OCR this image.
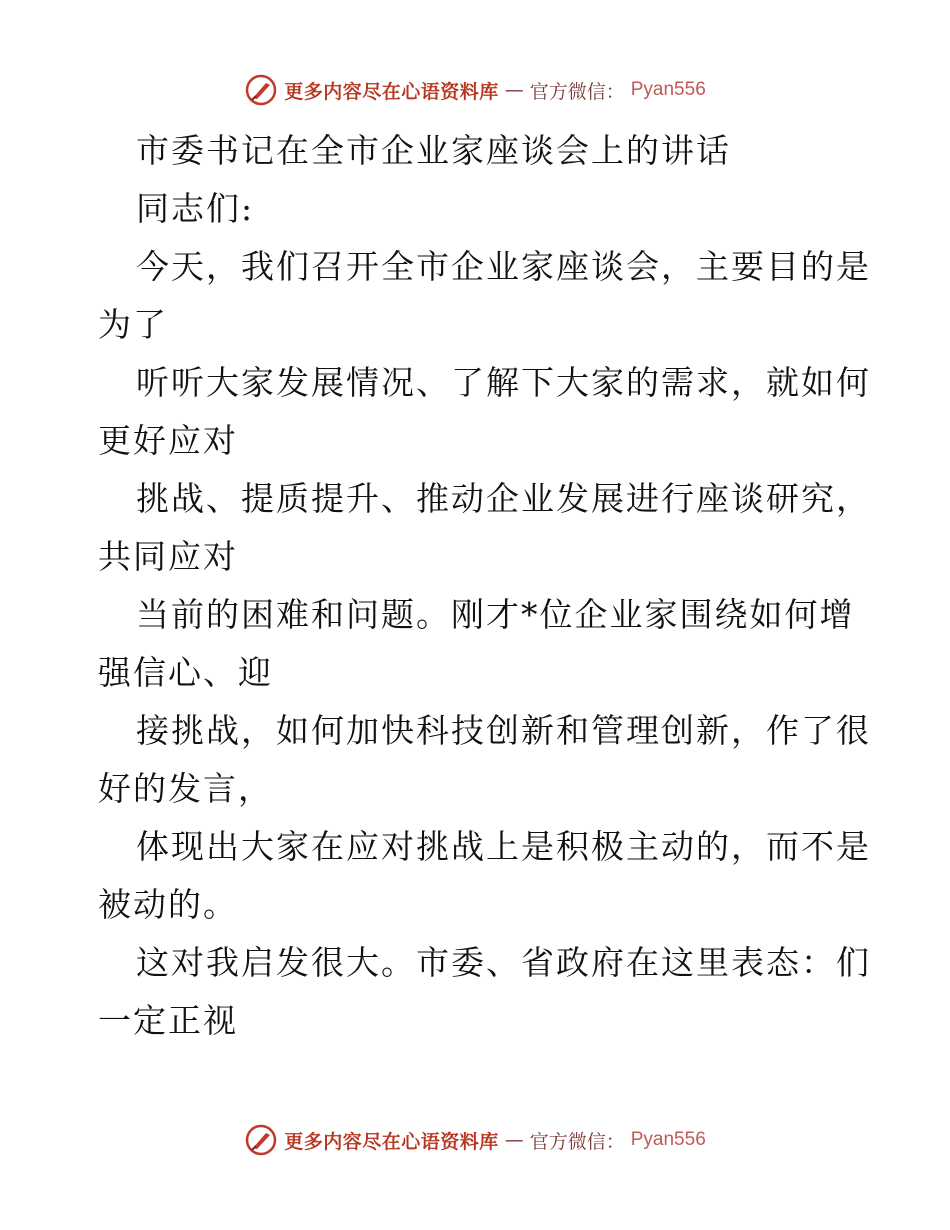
更多内容尽在心语资料库 — 官方微信： Pyan556

市委书记在全市企业家座谈会上的讲话

同志们:

今天，我们召开全市企业家座谈会，主要目的是

为了

听听大家发展情况、了解下大家的需求，就如何

更好应对

挑战、提质提升、推动企业发展进行座谈研究，

共同应对

当前的困难和问题。刚才*位企业家围绕如何增

强信心、迎

接挑战，如何加快科技创新和管理创新，作了很

好的发言，

体现出大家在应对挑战上是积极主动的，而不是

被动的。

这对我启发很大。市委、省政府在这里表态：们

一定正视

更多内容尽在心语资料库 — 官方微信： Pyan556
